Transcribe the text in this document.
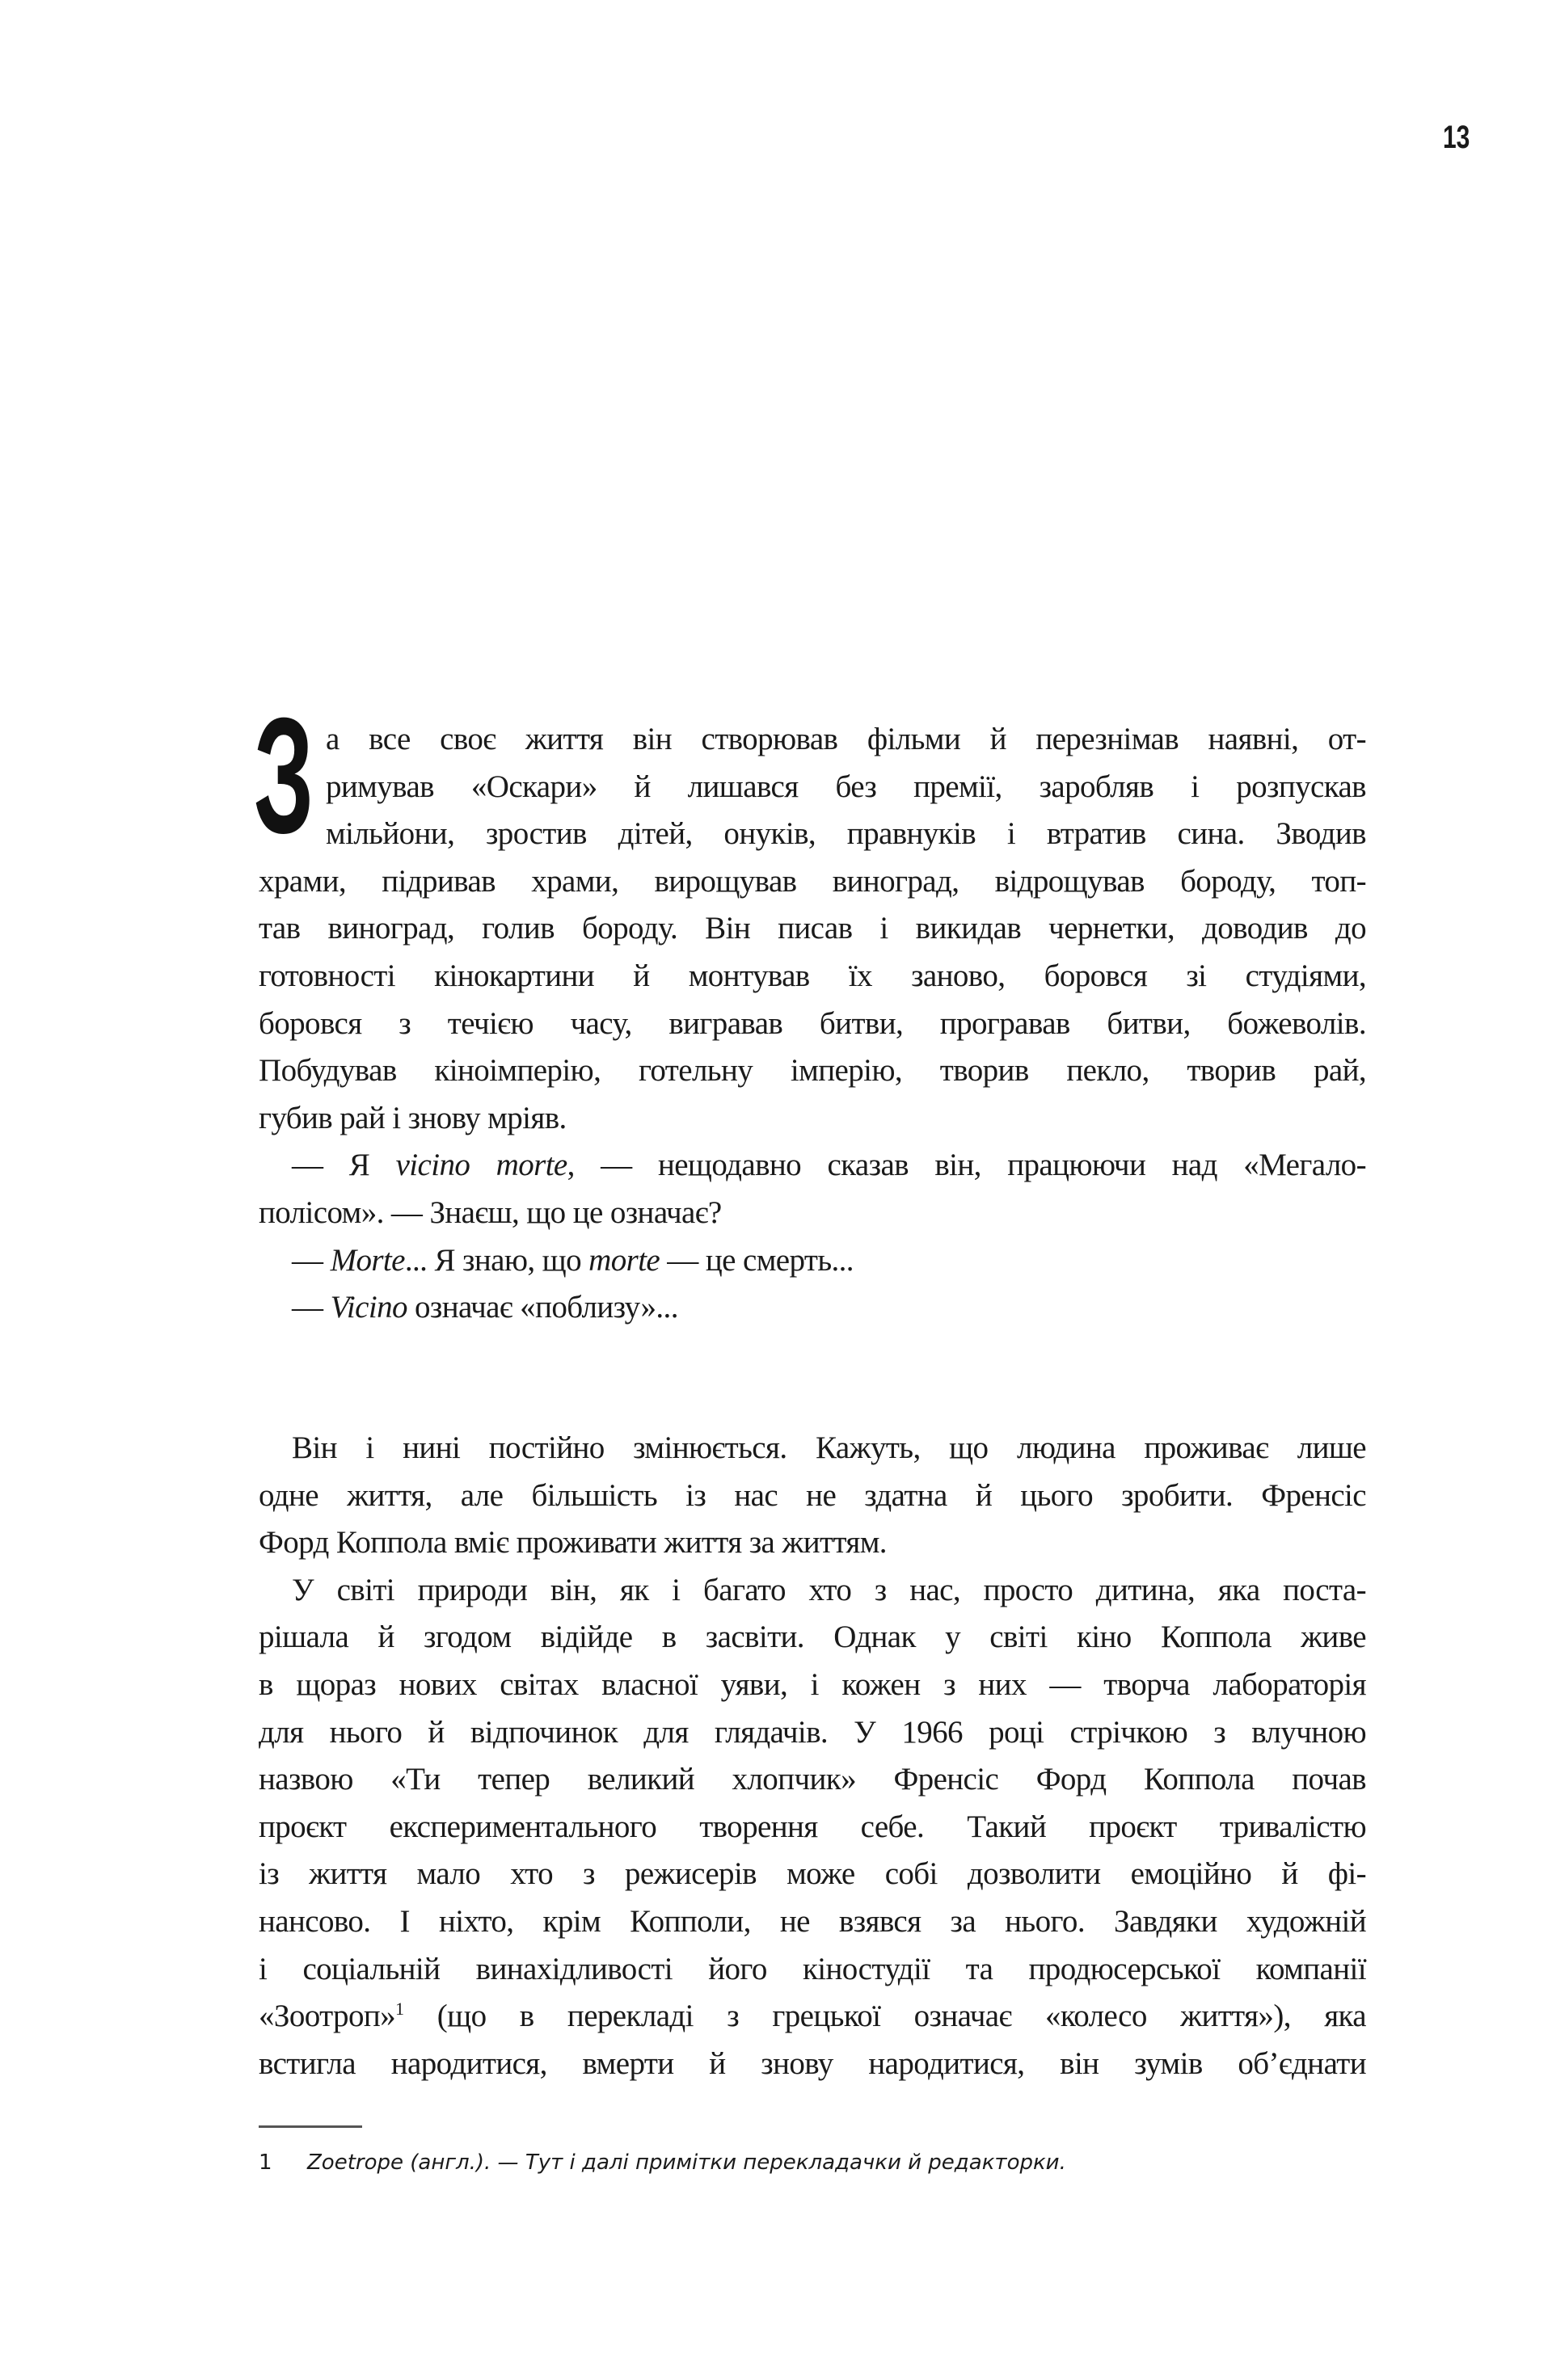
13
З а все своє життя він створював фільми й перезнімав наявні, от-
римував «Оскари» й лишався без премії, заробляв і розпускав
мільйони, зростив дітей, онуків, правнуків і втратив сина. Зводив
храми, підривав храми, вирощував виноград, відрощував бороду, топ-
тав виноград, голив бороду. Він писав і викидав чернетки, доводив до
готовності кінокартини й монтував їх заново, боровся зі студіями,
боровся з течією часу, вигравав битви, програвав битви, божеволів.
Побудував кіноімперію, готельну імперію, творив пекло, творив рай,
губив рай і знову мріяв.
— Я vicino morte, — нещодавно сказав він, працюючи над «Мегало-
полісом». — Знаєш, що це означає?
— Morte... Я знаю, що morte — це смерть...
— Vicino означає «поблизу»...
Він і нині постійно змінюється. Кажуть, що людина проживає лише
одне життя, але більшість із нас не здатна й цього зробити. Френсіс
Форд Коппола вміє проживати життя за життям.
У світі природи він, як і багато хто з нас, просто дитина, яка поста-
рішала й згодом відійде в засвіти. Однак у світі кіно Коппола живе
в щораз нових світах власної уяви, і кожен з них — творча лабораторія
для нього й відпочинок для глядачів. У 1966 році стрічкою з влучною
назвою «Ти тепер великий хлопчик» Френсіс Форд Коппола почав
проєкт експериментального творення себе. Такий проєкт тривалістю
із життя мало хто з режисерів може собі дозволити емоційно й фі-
нансово. І ніхто, крім Копполи, не взявся за нього. Завдяки художній
і соціальній винахідливості його кіностудії та продюсерської компанії
«Зоотроп»$^1$ (що в перекладі з грецької означає «колесо життя»), яка
встигла народитися, вмерти й знову народитися, він зумів об’єднати
1 Zoetrope (англ.). — Тут і далі примітки перекладачки й редакторки.
